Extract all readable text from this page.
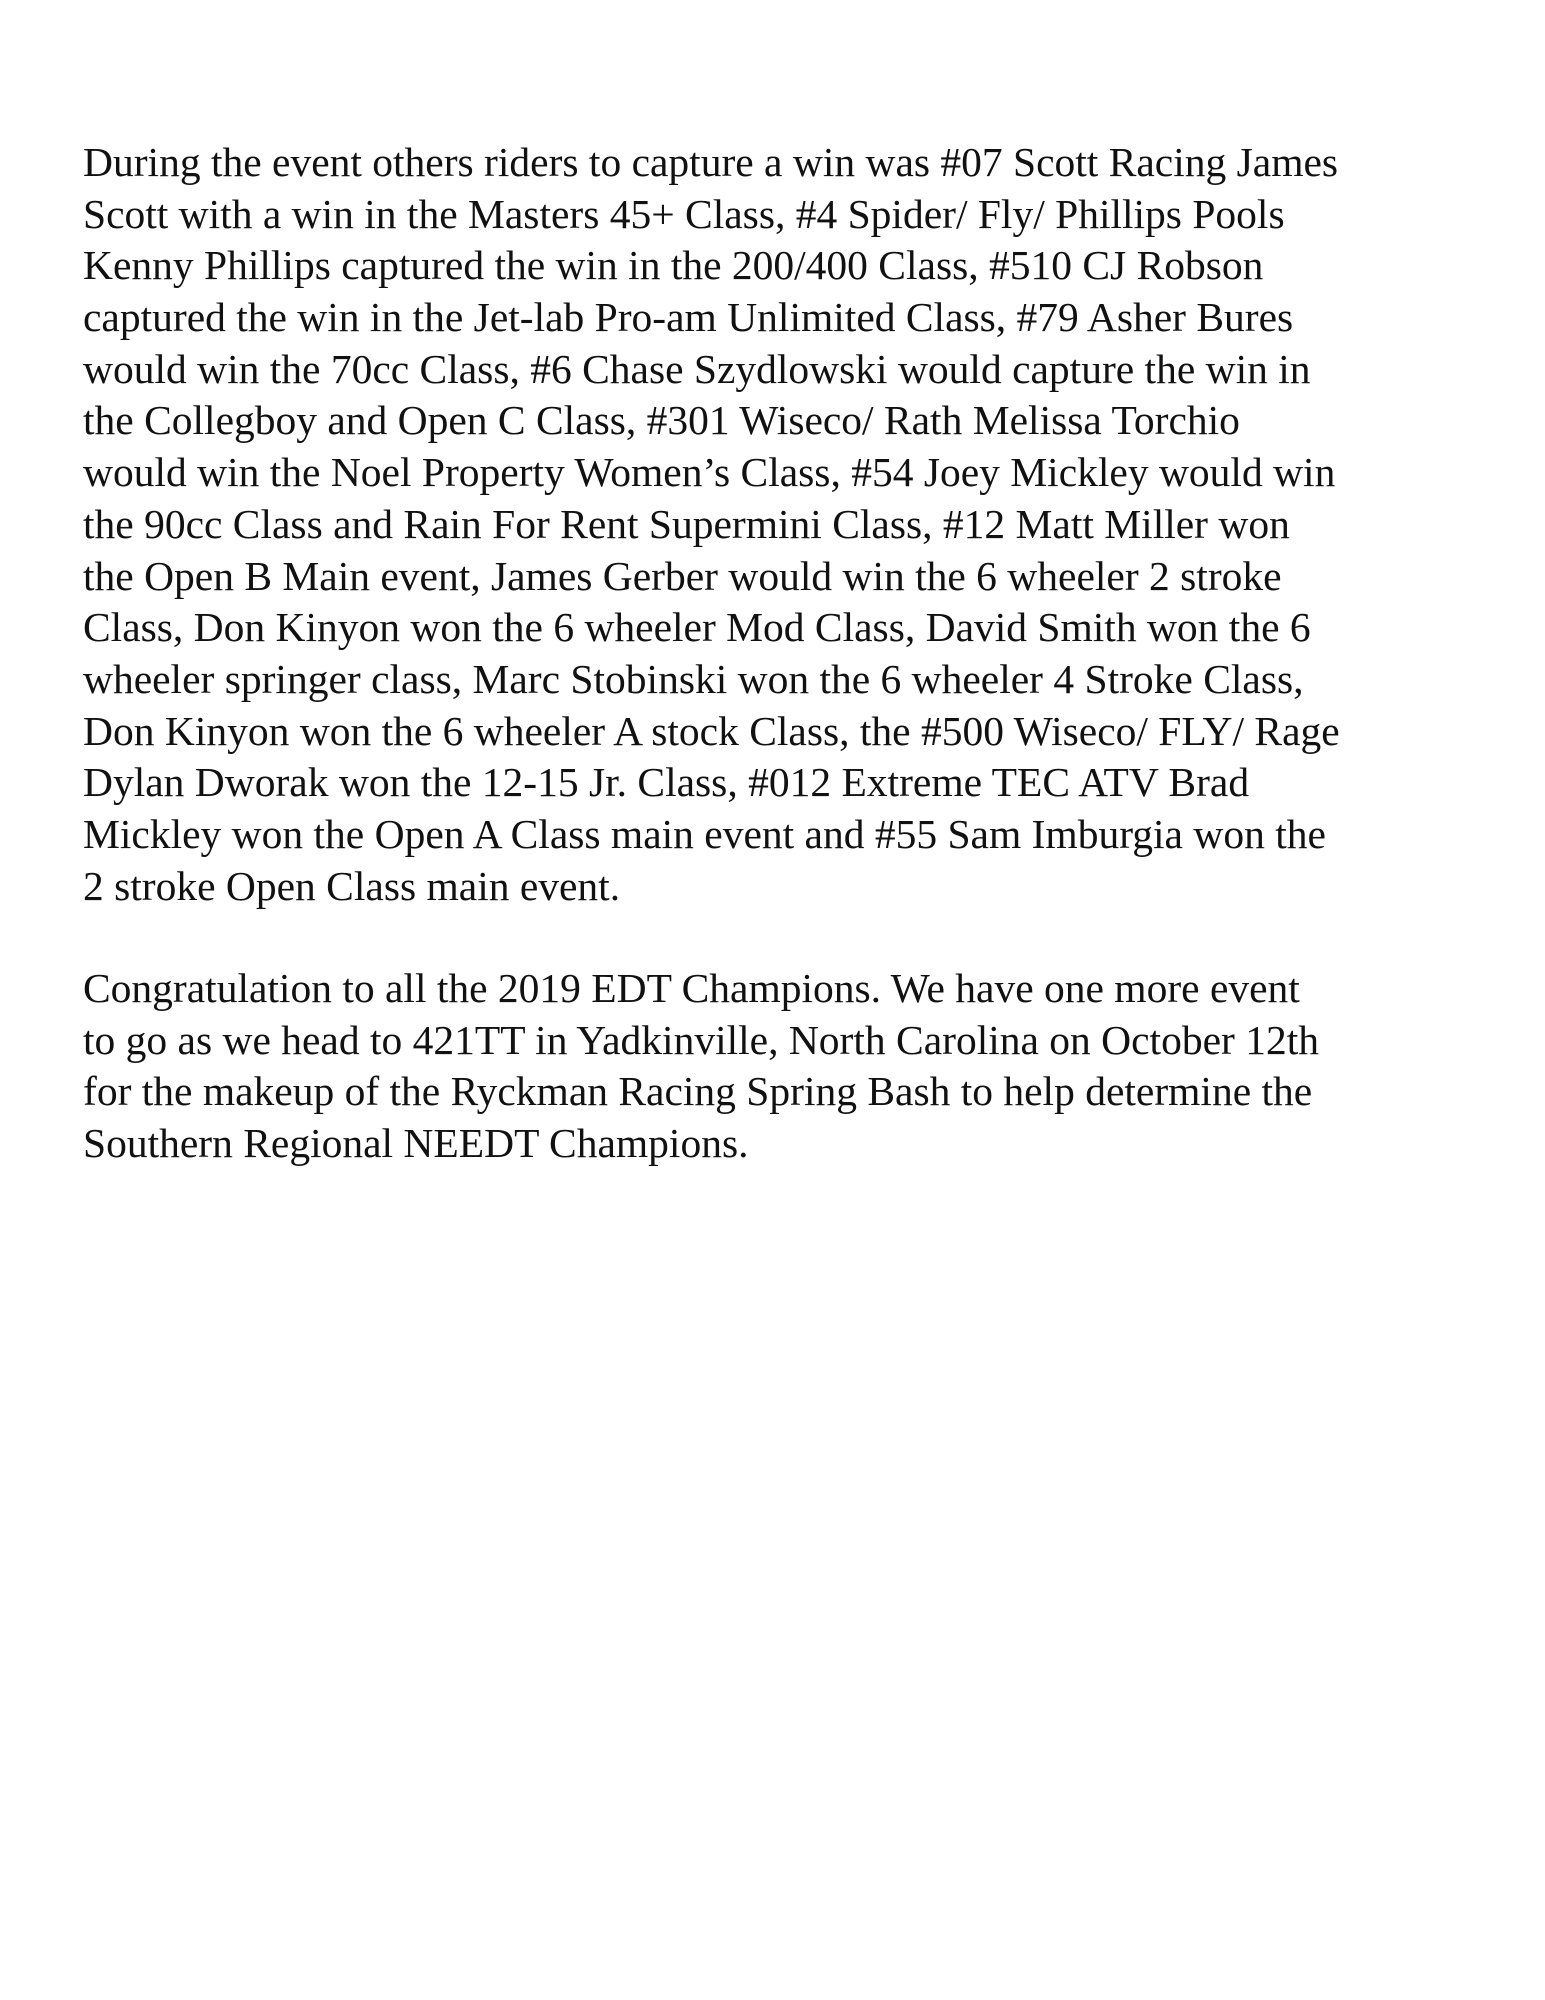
During the event others riders to capture a win was #07 Scott Racing James
Scott with a win in the Masters 45+ Class, #4 Spider/ Fly/ Phillips Pools
Kenny Phillips captured the win in the 200/400 Class, #510 CJ Robson
captured the win in the Jet-lab Pro-am Unlimited Class, #79 Asher Bures
would win the 70cc Class, #6 Chase Szydlowski would capture the win in
the Collegboy and Open C Class, #301 Wiseco/ Rath Melissa Torchio
would win the Noel Property Women’s Class, #54 Joey Mickley would win
the 90cc Class and Rain For Rent Supermini Class, #12 Matt Miller won
the Open B Main event, James Gerber would win the 6 wheeler 2 stroke
Class, Don Kinyon won the 6 wheeler Mod Class, David Smith won the 6
wheeler springer class, Marc Stobinski won the 6 wheeler 4 Stroke Class,
Don Kinyon won the 6 wheeler A stock Class, the #500 Wiseco/ FLY/ Rage
Dylan Dworak won the 12-15 Jr. Class, #012 Extreme TEC ATV Brad
Mickley won the Open A Class main event and #55 Sam Imburgia won the
2 stroke Open Class main event.
Congratulation to all the 2019 EDT Champions. We have one more event
to go as we head to 421TT in Yadkinville, North Carolina on October 12th
for the makeup of the Ryckman Racing Spring Bash to help determine the
Southern Regional NEEDT Champions.
